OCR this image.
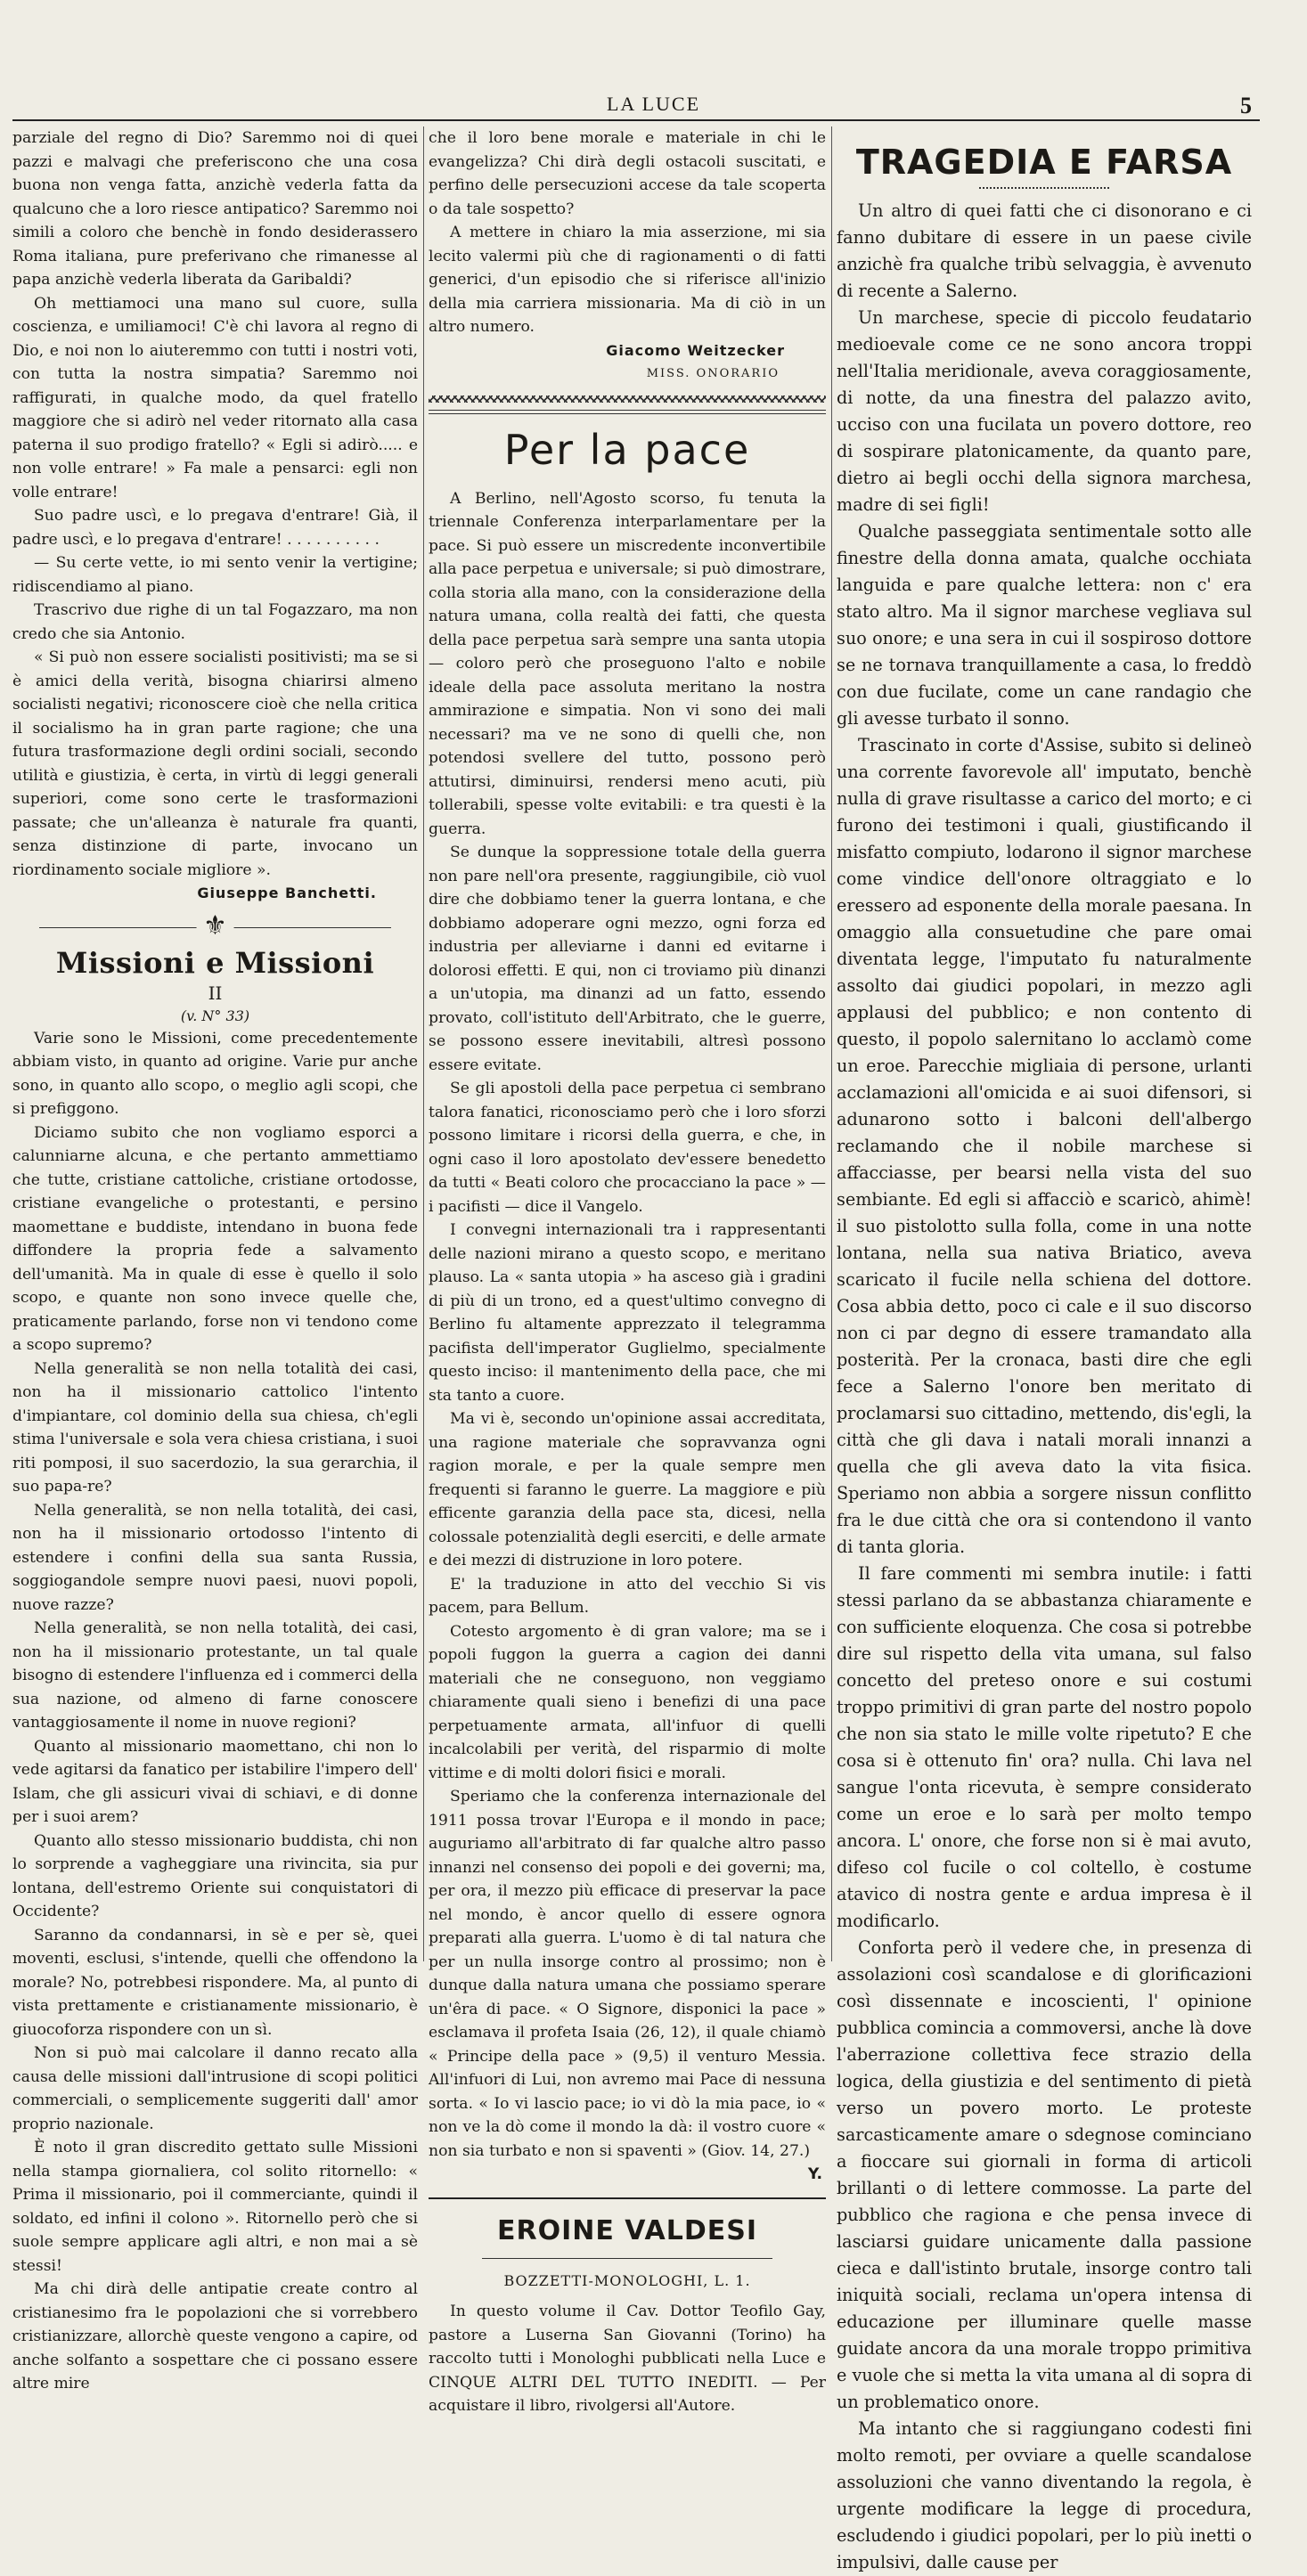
LA LUCE	5

parziale del regno di Dio? Saremmo noi di quei pazzi e malvagi che preferiscono che una cosa buona non venga fatta, anzichè vederla fatta da qualcuno che a loro riesce antipatico? Saremmo noi simili a coloro che benchè in fondo desiderassero Roma italiana, pure preferivano che rimanesse al papa anzichè vederla liberata da Garibaldi?

Oh mettiamoci una mano sul cuore, sulla coscienza, e umiliamoci! C'è chi lavora al regno di Dio, e noi non lo aiuteremmo con tutti i nostri voti, con tutta la nostra simpatia? Saremmo noi raffigurati, in qualche modo, da quel fratello maggiore che si adirò nel veder ritornato alla casa paterna il suo prodigo fratello? « Egli si adirò..... e non volle entrare! » Fa male a pensarci: egli non volle entrare!

Suo padre uscì, e lo pregava d'entrare! Già, il padre uscì, e lo pregava d'entrare! . . . . . . . . . .

— Su certe vette, io mi sento venir la vertigine; ridiscendiamo al piano.

Trascrivo due righe di un tal Fogazzaro, ma non credo che sia Antonio.

« Si può non essere socialisti positivisti; ma se si è amici della verità, bisogna chiarirsi almeno socialisti negativi; riconoscere cioè che nella critica il socialismo ha in gran parte ragione; che una futura trasformazione degli ordini sociali, secondo utilità e giustizia, è certa, in virtù di leggi generali superiori, come sono certe le trasformazioni passate; che un'alleanza è naturale fra quanti, senza distinzione di parte, invocano un riordinamento sociale migliore ».

Giuseppe Banchetti.
⚜
Missioni e Missioni
II
(v. N° 33)

Varie sono le Missioni, come precedentemente abbiam visto, in quanto ad origine. Varie pur anche sono, in quanto allo scopo, o meglio agli scopi, che si prefiggono.

Diciamo subito che non vogliamo esporci a calunniarne alcuna, e che pertanto ammettiamo che tutte, cristiane cattoliche, cristiane ortodosse, cristiane evangeliche o protestanti, e persino maomettane e buddiste, intendano in buona fede diffondere la propria fede a salvamento dell'umanità. Ma in quale di esse è quello il solo scopo, e quante non sono invece quelle che, praticamente parlando, forse non vi tendono come a scopo supremo?

Nella generalità se non nella totalità dei casi, non ha il missionario cattolico l'intento d'impiantare, col dominio della sua chiesa, ch'egli stima l'universale e sola vera chiesa cristiana, i suoi riti pomposi, il suo sacerdozio, la sua gerarchia, il suo papa-re?

Nella generalità, se non nella totalità, dei casi, non ha il missionario ortodosso l'intento di estendere i confini della sua santa Russia, soggiogandole sempre nuovi paesi, nuovi popoli, nuove razze?

Nella generalità, se non nella totalità, dei casi, non ha il missionario protestante, un tal quale bisogno di estendere l'influenza ed i commerci della sua nazione, od almeno di farne conoscere vantaggiosamente il nome in nuove regioni?

Quanto al missionario maomettano, chi non lo vede agitarsi da fanatico per istabilire l'impero dell' Islam, che gli assicuri vivai di schiavi, e di donne per i suoi arem?

Quanto allo stesso missionario buddista, chi non lo sorprende a vagheggiare una rivincita, sia pur lontana, dell'estremo Oriente sui conquistatori di Occidente?

Saranno da condannarsi, in sè e per sè, quei moventi, esclusi, s'intende, quelli che offendono la morale? No, potrebbesi rispondere. Ma, al punto di vista prettamente e cristianamente missionario, è giuocoforza rispondere con un sì.

Non si può mai calcolare il danno recato alla causa delle missioni dall'intrusione di scopi politici commerciali, o semplicemente suggeriti dall' amor proprio nazionale.

È noto il gran discredito gettato sulle Missioni nella stampa giornaliera, col solito ritornello: « Prima il missionario, poi il commerciante, quindi il soldato, ed infini il colono ». Ritornello però che si suole sempre applicare agli altri, e non mai a sè stessi!

Ma chi dirà delle antipatie create contro al cristianesimo fra le popolazioni che si vorrebbero cristianizzare, allorchè queste vengono a capire, od anche solfanto a sospettare che ci possano essere altre mire

che il loro bene morale e materiale in chi le evangelizza? Chi dirà degli ostacoli suscitati, e perfino delle persecuzioni accese da tale scoperta o da tale sospetto?

A mettere in chiaro la mia asserzione, mi sia lecito valermi più che di ragionamenti o di fatti generici, d'un episodio che si riferisce all'inizio della mia carriera missionaria. Ma di ciò in un altro numero.

Giacomo Weitzecker
MISS. ONORARIO
Per la pace

A Berlino, nell'Agosto scorso, fu tenuta la triennale Conferenza interparlamentare per la pace. Si può essere un miscredente inconvertibile alla pace perpetua e universale; si può dimostrare, colla storia alla mano, con la considerazione della natura umana, colla realtà dei fatti, che questa della pace perpetua sarà sempre una santa utopia — coloro però che proseguono l'alto e nobile ideale della pace assoluta meritano la nostra ammirazione e simpatia. Non vi sono dei mali necessari? ma ve ne sono di quelli che, non potendosi svellere del tutto, possono però attutirsi, diminuirsi, rendersi meno acuti, più tollerabili, spesse volte evitabili: e tra questi è la guerra.

Se dunque la soppressione totale della guerra non pare nell'ora presente, raggiungibile, ciò vuol dire che dobbiamo tener la guerra lontana, e che dobbiamo adoperare ogni mezzo, ogni forza ed industria per alleviarne i danni ed evitarne i dolorosi effetti. E qui, non ci troviamo più dinanzi a un'utopia, ma dinanzi ad un fatto, essendo provato, coll'istituto dell'Arbitrato, che le guerre, se possono essere inevitabili, altresì possono essere evitate.

Se gli apostoli della pace perpetua ci sembrano talora fanatici, riconosciamo però che i loro sforzi possono limitare i ricorsi della guerra, e che, in ogni caso il loro apostolato dev'essere benedetto da tutti « Beati coloro che procacciano la pace » — i pacifisti — dice il Vangelo.

I convegni internazionali tra i rappresentanti delle nazioni mirano a questo scopo, e meritano plauso. La « santa utopia » ha asceso già i gradini di più di un trono, ed a quest'ultimo convegno di Berlino fu altamente apprezzato il telegramma pacifista dell'imperator Guglielmo, specialmente questo inciso: il mantenimento della pace, che mi sta tanto a cuore.

Ma vi è, secondo un'opinione assai accreditata, una ragione materiale che sopravvanza ogni ragion morale, e per la quale sempre men frequenti si faranno le guerre. La maggiore e più efficente garanzia della pace sta, dicesi, nella colossale potenzialità degli eserciti, e delle armate e dei mezzi di distruzione in loro potere.

E' la traduzione in atto del vecchio Si vis pacem, para Bellum.

Cotesto argomento è di gran valore; ma se i popoli fuggon la guerra a cagion dei danni materiali che ne conseguono, non veggiamo chiaramente quali sieno i benefizi di una pace perpetuamente armata, all'infuor di quelli incalcolabili per verità, del risparmio di molte vittime e di molti dolori fisici e morali.

Speriamo che la conferenza internazionale del 1911 possa trovar l'Europa e il mondo in pace; auguriamo all'arbitrato di far qualche altro passo innanzi nel consenso dei popoli e dei governi; ma, per ora, il mezzo più efficace di preservar la pace nel mondo, è ancor quello di essere ognora preparati alla guerra. L'uomo è di tal natura che per un nulla insorge contro al prossimo; non è dunque dalla natura umana che possiamo sperare un'êra di pace. « O Signore, disponici la pace » esclamava il profeta Isaia (26, 12), il quale chiamò « Principe della pace » (9,5) il venturo Messia. All'infuori di Lui, non avremo mai Pace di nessuna sorta. « Io vi lascio pace; io vi dò la mia pace, io « non ve la dò come il mondo la dà: il vostro cuore « non sia turbato e non si spaventi » (Giov. 14, 27.)

Y.
EROINE VALDESI
BOZZETTI-MONOLOGHI, L. 1.

In questo volume il Cav. Dottor Teofilo Gay, pastore a Luserna San Giovanni (Torino) ha raccolto tutti i Monologhi pubblicati nella Luce e CINQUE ALTRI DEL TUTTO INEDITI. — Per acquistare il libro, rivolgersi all'Autore.

TRAGEDIA E FARSA

Un altro di quei fatti che ci disonorano e ci fanno dubitare di essere in un paese civile anzichè fra qualche tribù selvaggia, è avvenuto di recente a Salerno.

Un marchese, specie di piccolo feudatario medioevale come ce ne sono ancora troppi nell'Italia meridionale, aveva coraggiosamente, di notte, da una finestra del palazzo avito, ucciso con una fucilata un povero dottore, reo di sospirare platonicamente, da quanto pare, dietro ai begli occhi della signora marchesa, madre di sei figli!

Qualche passeggiata sentimentale sotto alle finestre della donna amata, qualche occhiata languida e pare qualche lettera: non c' era stato altro. Ma il signor marchese vegliava sul suo onore; e una sera in cui il sospiroso dottore se ne tornava tranquillamente a casa, lo freddò con due fucilate, come un cane randagio che gli avesse turbato il sonno.

Trascinato in corte d'Assise, subito si delineò una corrente favorevole all' imputato, benchè nulla di grave risultasse a carico del morto; e ci furono dei testimoni i quali, giustificando il misfatto compiuto, lodarono il signor marchese come vindice dell'onore oltraggiato e lo eressero ad esponente della morale paesana. In omaggio alla consuetudine che pare omai diventata legge, l'imputato fu naturalmente assolto dai giudici popolari, in mezzo agli applausi del pubblico; e non contento di questo, il popolo salernitano lo acclamò come un eroe. Parecchie migliaia di persone, urlanti acclamazioni all'omicida e ai suoi difensori, si adunarono sotto i balconi dell'albergo reclamando che il nobile marchese si affacciasse, per bearsi nella vista del suo sembiante. Ed egli si affacciò e scaricò, ahimè! il suo pistolotto sulla folla, come in una notte lontana, nella sua nativa Briatico, aveva scaricato il fucile nella schiena del dottore. Cosa abbia detto, poco ci cale e il suo discorso non ci par degno di essere tramandato alla posterità. Per la cronaca, basti dire che egli fece a Salerno l'onore ben meritato di proclamarsi suo cittadino, mettendo, dis'egli, la città che gli dava i natali morali innanzi a quella che gli aveva dato la vita fisica. Speriamo non abbia a sorgere nissun conflitto fra le due città che ora si contendono il vanto di tanta gloria.

Il fare commenti mi sembra inutile: i fatti stessi parlano da se abbastanza chiaramente e con sufficiente eloquenza. Che cosa si potrebbe dire sul rispetto della vita umana, sul falso concetto del preteso onore e sui costumi troppo primitivi di gran parte del nostro popolo che non sia stato le mille volte ripetuto? E che cosa si è ottenuto fin' ora? nulla. Chi lava nel sangue l'onta ricevuta, è sempre considerato come un eroe e lo sarà per molto tempo ancora. L' onore, che forse non si è mai avuto, difeso col fucile o col coltello, è costume atavico di nostra gente e ardua impresa è il modificarlo.

Conforta però il vedere che, in presenza di assolazioni così scandalose e di glorificazioni così dissennate e incoscienti, l' opinione pubblica comincia a commoversi, anche là dove l'aberrazione collettiva fece strazio della logica, della giustizia e del sentimento di pietà verso un povero morto. Le proteste sarcasticamente amare o sdegnose cominciano a fioccare sui giornali in forma di articoli brillanti o di lettere commosse. La parte del pubblico che ragiona e che pensa invece di lasciarsi guidare unicamente dalla passione cieca e dall'istinto brutale, insorge contro tali iniquità sociali, reclama un'opera intensa di educazione per illuminare quelle masse guidate ancora da una morale troppo primitiva e vuole che si metta la vita umana al di sopra di un problematico onore.

Ma intanto che si raggiungano codesti fini molto remoti, per ovviare a quelle scandalose assoluzioni che vanno diventando la regola, è urgente modificare la legge di procedura, escludendo i giudici popolari, per lo più inetti o impulsivi, dalle cause per
